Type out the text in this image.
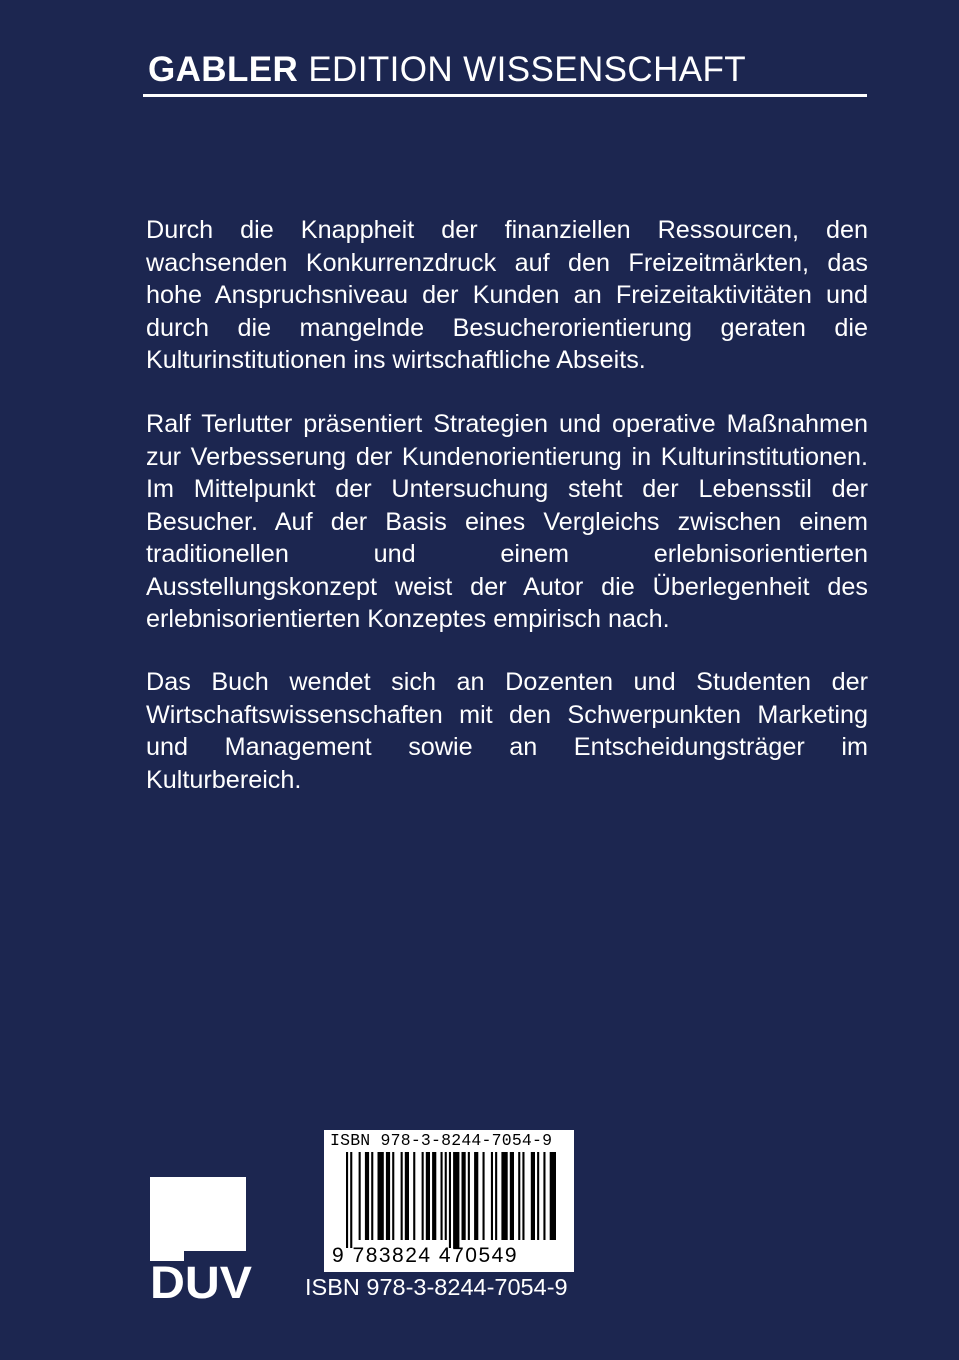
GABLER EDITION WISSENSCHAFT

Durch die Knappheit der finanziellen Ressourcen, den wachsenden Konkurrenzdruck auf den Freizeitmärkten, das hohe Anspruchsniveau der Kunden an Freizeitaktivitäten und durch die mangelnde Besucherorientierung geraten die Kulturinstitutionen ins wirtschaftliche Abseits.

Ralf Terlutter präsentiert Strategien und operative Maßnahmen zur Verbesserung der Kundenorientierung in Kulturinstitutionen. Im Mittelpunkt der Untersuchung steht der Lebensstil der Besucher. Auf der Basis eines Vergleichs zwischen einem traditionellen und einem erlebnisorientierten Ausstellungskonzept weist der Autor die Überlegenheit des erlebnisorientierten Konzeptes empirisch nach.

Das Buch wendet sich an Dozenten und Studenten der Wirtschaftswissenschaften mit den Schwerpunkten Marketing und Management sowie an Entscheidungsträger im Kulturbereich.

DUV
ISBN 978-3-8244-7054-9
9 783824 470549
ISBN 978-3-8244-7054-9
